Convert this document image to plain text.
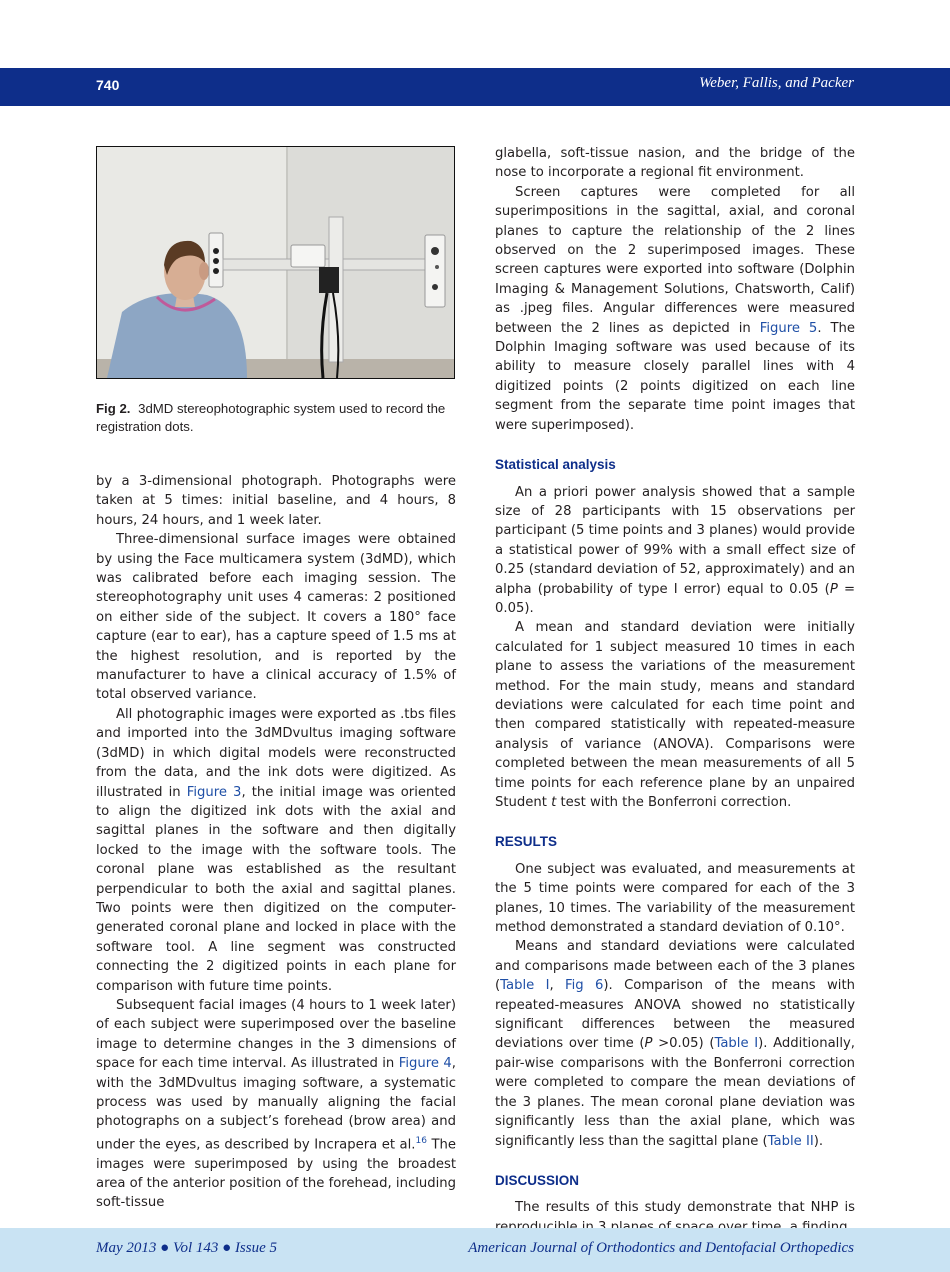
740	Weber, Fallis, and Packer
Fig 2. 3dMD stereophotographic system used to record the registration dots.

by a 3-dimensional photograph. Photographs were taken at 5 times: initial baseline, and 4 hours, 8 hours, 24 hours, and 1 week later.

Three-dimensional surface images were obtained by using the Face multicamera system (3dMD), which was calibrated before each imaging session. The stereophotography unit uses 4 cameras: 2 positioned on either side of the subject. It covers a 180° face capture (ear to ear), has a capture speed of 1.5 ms at the highest resolution, and is reported by the manufacturer to have a clinical accuracy of 1.5% of total observed variance.

All photographic images were exported as .tbs files and imported into the 3dMDvultus imaging software (3dMD) in which digital models were reconstructed from the data, and the ink dots were digitized. As illustrated in Figure 3, the initial image was oriented to align the digitized ink dots with the axial and sagittal planes in the software and then digitally locked to the image with the software tools. The coronal plane was established as the resultant perpendicular to both the axial and sagittal planes. Two points were then digitized on the computer-generated coronal plane and locked in place with the software tool. A line segment was constructed connecting the 2 digitized points in each plane for comparison with future time points.

Subsequent facial images (4 hours to 1 week later) of each subject were superimposed over the baseline image to determine changes in the 3 dimensions of space for each time interval. As illustrated in Figure 4, with the 3dMDvultus imaging software, a systematic process was used by manually aligning the facial photographs on a subject’s forehead (brow area) and under the eyes, as described by Incrapera et al.$^{16}$ The images were superimposed by using the broadest area of the anterior position of the forehead, including soft-tissue

glabella, soft-tissue nasion, and the bridge of the nose to incorporate a regional fit environment.

Screen captures were completed for all superimpositions in the sagittal, axial, and coronal planes to capture the relationship of the 2 lines observed on the 2 superimposed images. These screen captures were exported into software (Dolphin Imaging & Management Solutions, Chatsworth, Calif) as .jpeg files. Angular differences were measured between the 2 lines as depicted in Figure 5. The Dolphin Imaging software was used because of its ability to measure closely parallel lines with 4 digitized points (2 points digitized on each line segment from the separate time point images that were superimposed).

Statistical analysis

An a priori power analysis showed that a sample size of 28 participants with 15 observations per participant (5 time points and 3 planes) would provide a statistical power of 99% with a small effect size of 0.25 (standard deviation of 52, approximately) and an alpha (probability of type I error) equal to 0.05 (P = 0.05).

A mean and standard deviation were initially calculated for 1 subject measured 10 times in each plane to assess the variations of the measurement method. For the main study, means and standard deviations were calculated for each time point and then compared statistically with repeated-measure analysis of variance (ANOVA). Comparisons were completed between the mean measurements of all 5 time points for each reference plane by an unpaired Student t test with the Bonferroni correction.

RESULTS

One subject was evaluated, and measurements at the 5 time points were compared for each of the 3 planes, 10 times. The variability of the measurement method demonstrated a standard deviation of 0.10°.

Means and standard deviations were calculated and comparisons made between each of the 3 planes (Table I, Fig 6). Comparison of the means with repeated-measures ANOVA showed no statistically significant differences between the measured deviations over time (P >0.05) (Table I). Additionally, pair-wise comparisons with the Bonferroni correction were completed to compare the mean deviations of the 3 planes. The mean coronal plane deviation was significantly less than the axial plane, which was significantly less than the sagittal plane (Table II).

DISCUSSION

The results of this study demonstrate that NHP is

May 2013 ● Vol 143 ● Issue 5	American Journal of Orthodontics and Dentofacial Orthopedics
